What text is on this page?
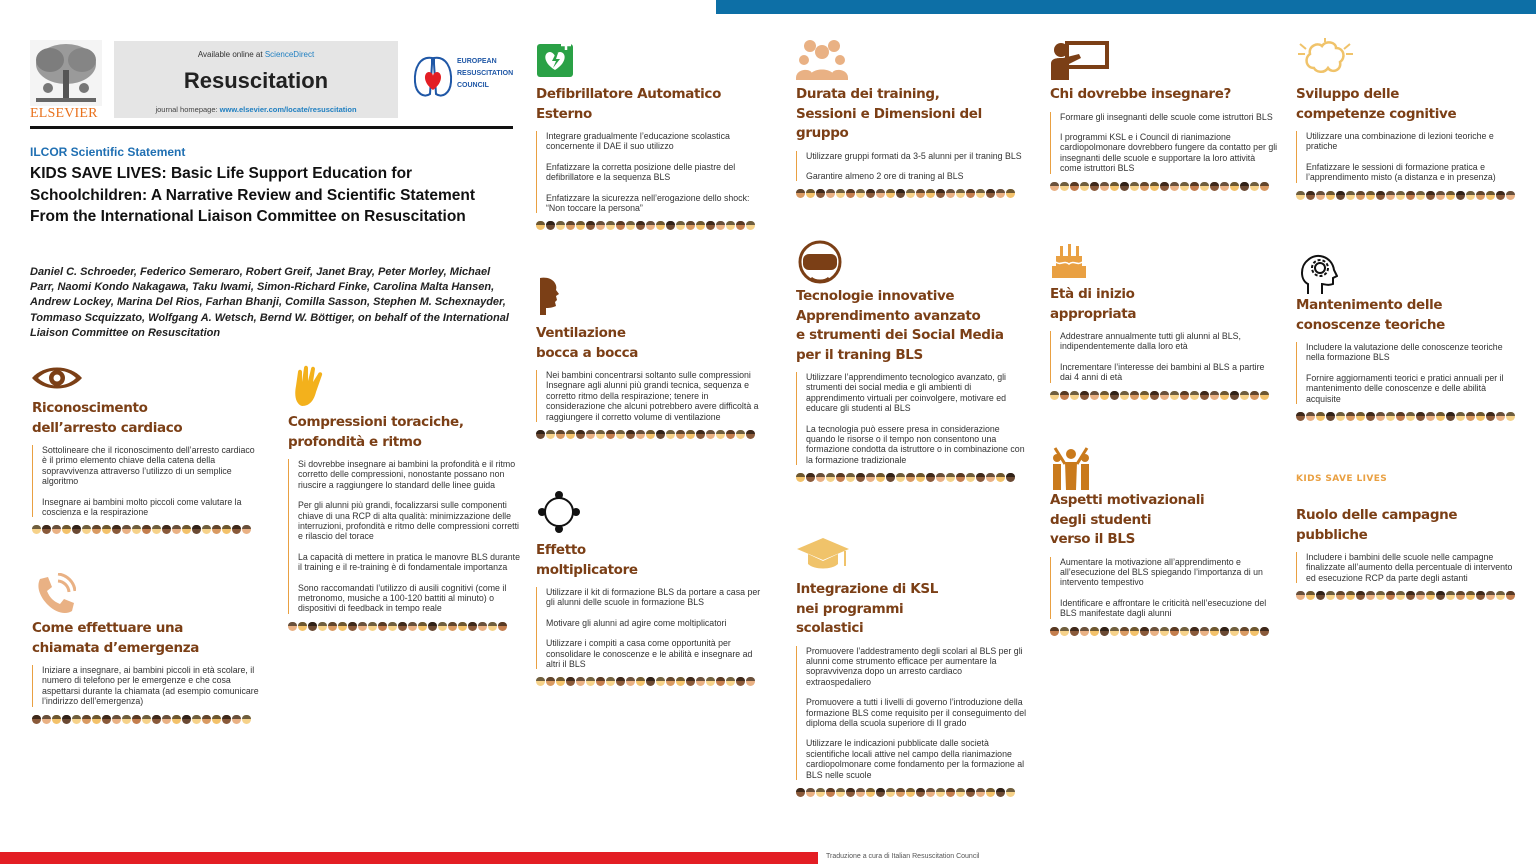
ELSEVIER
Available online at ScienceDirect
Resuscitation
journal homepage: www.elsevier.com/locate/resuscitation
EUROPEAN
RESUSCITATION
COUNCIL
ILCOR Scientific Statement
KIDS SAVE LIVES: Basic Life Support Education for Schoolchildren: A Narrative Review and Scientific Statement From the International Liaison Committee on Resuscitation
Daniel C. Schroeder, Federico Semeraro, Robert Greif, Janet Bray, Peter Morley, Michael Parr, Naomi Kondo Nakagawa, Taku Iwami, Simon-Richard Finke, Carolina Malta Hansen, Andrew Lockey, Marina Del Rios, Farhan Bhanji, Comilla Sasson, Stephen M. Schexnayder, Tommaso Scquizzato, Wolfgang A. Wetsch, Bernd W. Böttiger, on behalf of the International Liaison Committee on Resuscitation
KIDS SAVE LIVES
Riconoscimento
dell’arresto cardiaco
Sottolineare che il riconoscimento dell’arresto cardiaco è il primo elemento chiave della catena della sopravvivenza attraverso l’utilizzo di un semplice algoritmo
Insegnare ai bambini molto piccoli come valutare la coscienza e la respirazione
Come effettuare una
chiamata d’emergenza
Iniziare a insegnare, ai bambini piccoli in età scolare, il numero di telefono per le emergenze e che cosa aspettarsi durante la chiamata (ad esempio comunicare l’indirizzo dell’emergenza)
Compressioni toraciche,
profondità e ritmo
Si dovrebbe insegnare ai bambini la profondità e il ritmo corretto delle compressioni, nonostante possano non riuscire a raggiungere lo standard delle linee guida
Per gli alunni più grandi, focalizzarsi sulle componenti chiave di una RCP di alta qualità: minimizzazione delle interruzioni, profondità e ritmo delle compressioni corretti e rilascio del torace
La capacità di mettere in pratica le manovre BLS durante il training e il re-training è di fondamentale importanza
Sono raccomandati l’utilizzo di ausili cognitivi (come il metronomo, musiche a 100-120 battiti al minuto) o dispositivi di feedback in tempo reale
Defibrillatore Automatico
Esterno
Integrare gradualmente l’educazione scolastica concernente il DAE il suo utilizzo
Enfatizzare la corretta posizione delle piastre del defibrillatore e la sequenza BLS
Enfatizzare la sicurezza nell’erogazione dello shock: “Non toccare la persona”
Ventilazione
bocca a bocca
Nei bambini concentrarsi soltanto sulle compressioni
Insegnare agli alunni più grandi tecnica, sequenza e corretto ritmo della respirazione; tenere in considerazione che alcuni potrebbero avere difficoltà a raggiungere il corretto volume di ventilazione
Effetto
moltiplicatore
Utilizzare il kit di formazione BLS da portare a casa per gli alunni delle scuole in formazione BLS
Motivare gli alunni ad agire come moltiplicatori
Utilizzare i compiti a casa come opportunità per consolidare le conoscenze e le abilità e insegnare ad altri il BLS
Durata dei training,
Sessioni e Dimensioni del gruppo
Utilizzare gruppi formati da 3-5 alunni per il traning BLS
Garantire almeno 2 ore di traning al BLS
Tecnologie innovative
Apprendimento avanzato
e strumenti dei Social Media
per il traning BLS
Utilizzare l’apprendimento tecnologico avanzato, gli strumenti dei social media e gli ambienti di apprendimento virtuali per coinvolgere, motivare ed educare gli studenti al BLS
La tecnologia può essere presa in considerazione quando le risorse o il tempo non consentono una formazione condotta da istruttore o in combinazione con la formazione tradizionale
Integrazione di KSL
nei programmi
scolastici
Promuovere l’addestramento degli scolari al BLS per gli alunni come strumento efficace per aumentare la sopravvivenza dopo un arresto cardiaco extraospedaliero
Promuovere a tutti i livelli di governo l’introduzione della formazione BLS come requisito per il conseguimento del diploma della scuola superiore di II grado
Utilizzare le indicazioni pubblicate dalle società scientifiche locali attive nel campo della rianimazione cardiopolmonare come fondamento per la formazione al BLS nelle scuole
Chi dovrebbe insegnare?
Formare gli insegnanti delle scuole come istruttori BLS
I programmi KSL e i Council di rianimazione cardiopolmonare dovrebbero fungere da contatto per gli insegnanti delle scuole e supportare la loro attività come istruttori BLS
Età di inizio
appropriata
Addestrare annualmente tutti gli alunni al BLS, indipendentemente dalla loro età
Incrementare l’interesse dei bambini al BLS a partire dai 4 anni di età
Aspetti motivazionali
degli studenti
verso il BLS
Aumentare la motivazione all’apprendimento e all’esecuzione del BLS spiegando l’importanza di un intervento tempestivo
Identificare e affrontare le criticità nell’esecuzione del BLS manifestate dagli alunni
Sviluppo delle
competenze cognitive
Utilizzare una combinazione di lezioni teoriche e pratiche
Enfatizzare le sessioni di formazione pratica e l’apprendimento misto (a distanza e in presenza)
Mantenimento delle
conoscenze teoriche
Includere la valutazione delle conoscenze teoriche nella formazione BLS
Fornire aggiornamenti teorici e pratici annuali per il mantenimento delle conoscenze e delle abilità acquisite
Ruolo delle campagne
pubbliche
Includere i bambini delle scuole nelle campagne finalizzate all’aumento della percentuale di intervento ed esecuzione RCP da parte degli astanti
Traduzione a cura di Italian Resuscitation Council
